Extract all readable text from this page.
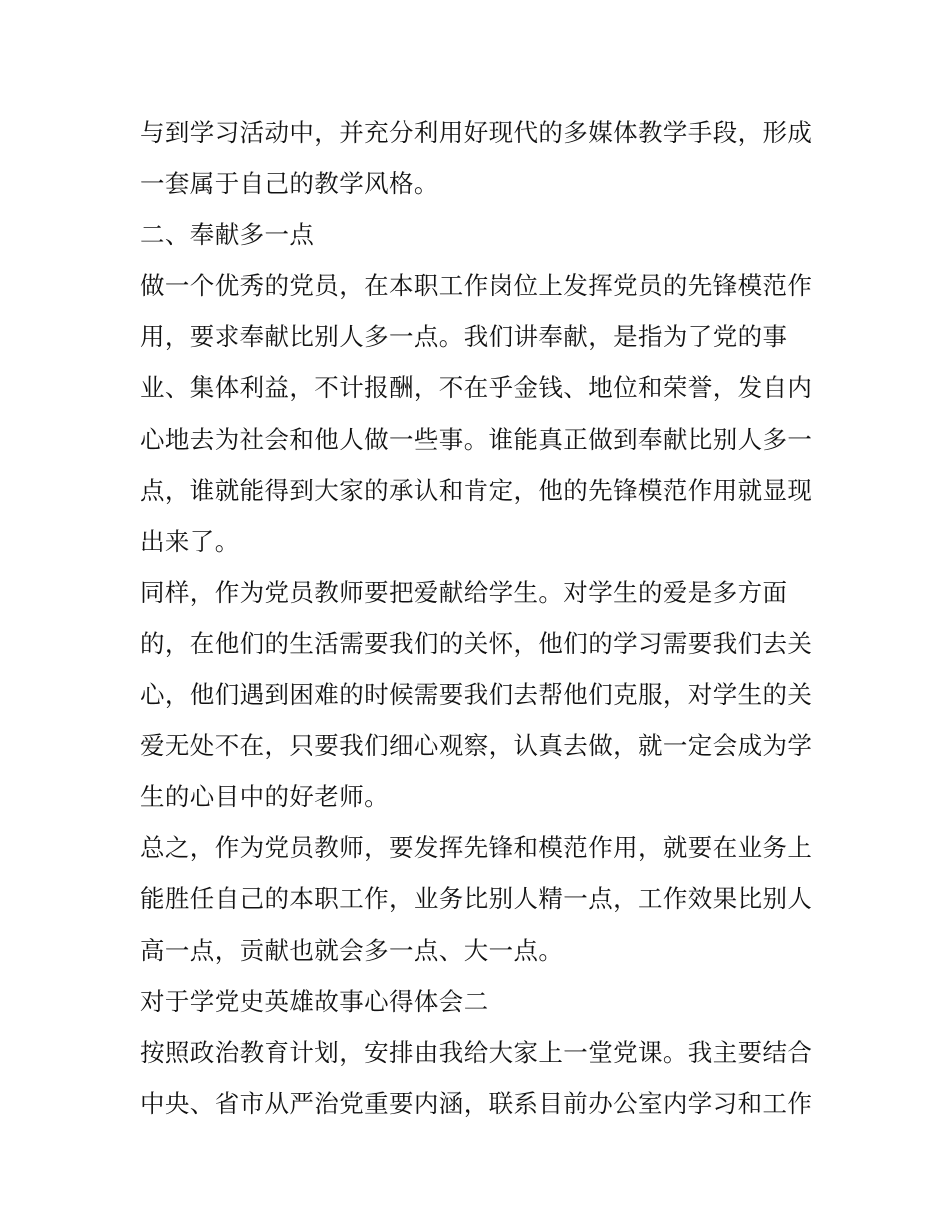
与到学习活动中，并充分利用好现代的多媒体教学手段，形成
一套属于自己的教学风格。
二、奉献多一点
做一个优秀的党员，在本职工作岗位上发挥党员的先锋模范作
用，要求奉献比别人多一点。我们讲奉献，是指为了党的事
业、集体利益，不计报酬，不在乎金钱、地位和荣誉，发自内
心地去为社会和他人做一些事。谁能真正做到奉献比别人多一
点，谁就能得到大家的承认和肯定，他的先锋模范作用就显现
出来了。
同样，作为党员教师要把爱献给学生。对学生的爱是多方面
的，在他们的生活需要我们的关怀，他们的学习需要我们去关
心，他们遇到困难的时候需要我们去帮他们克服，对学生的关
爱无处不在，只要我们细心观察，认真去做，就一定会成为学
生的心目中的好老师。
总之，作为党员教师，要发挥先锋和模范作用，就要在业务上
能胜任自己的本职工作，业务比别人精一点，工作效果比别人
高一点，贡献也就会多一点、大一点。
对于学党史英雄故事心得体会二
按照政治教育计划，安排由我给大家上一堂党课。我主要结合
中央、省市从严治党重要内涵，联系目前办公室内学习和工作
